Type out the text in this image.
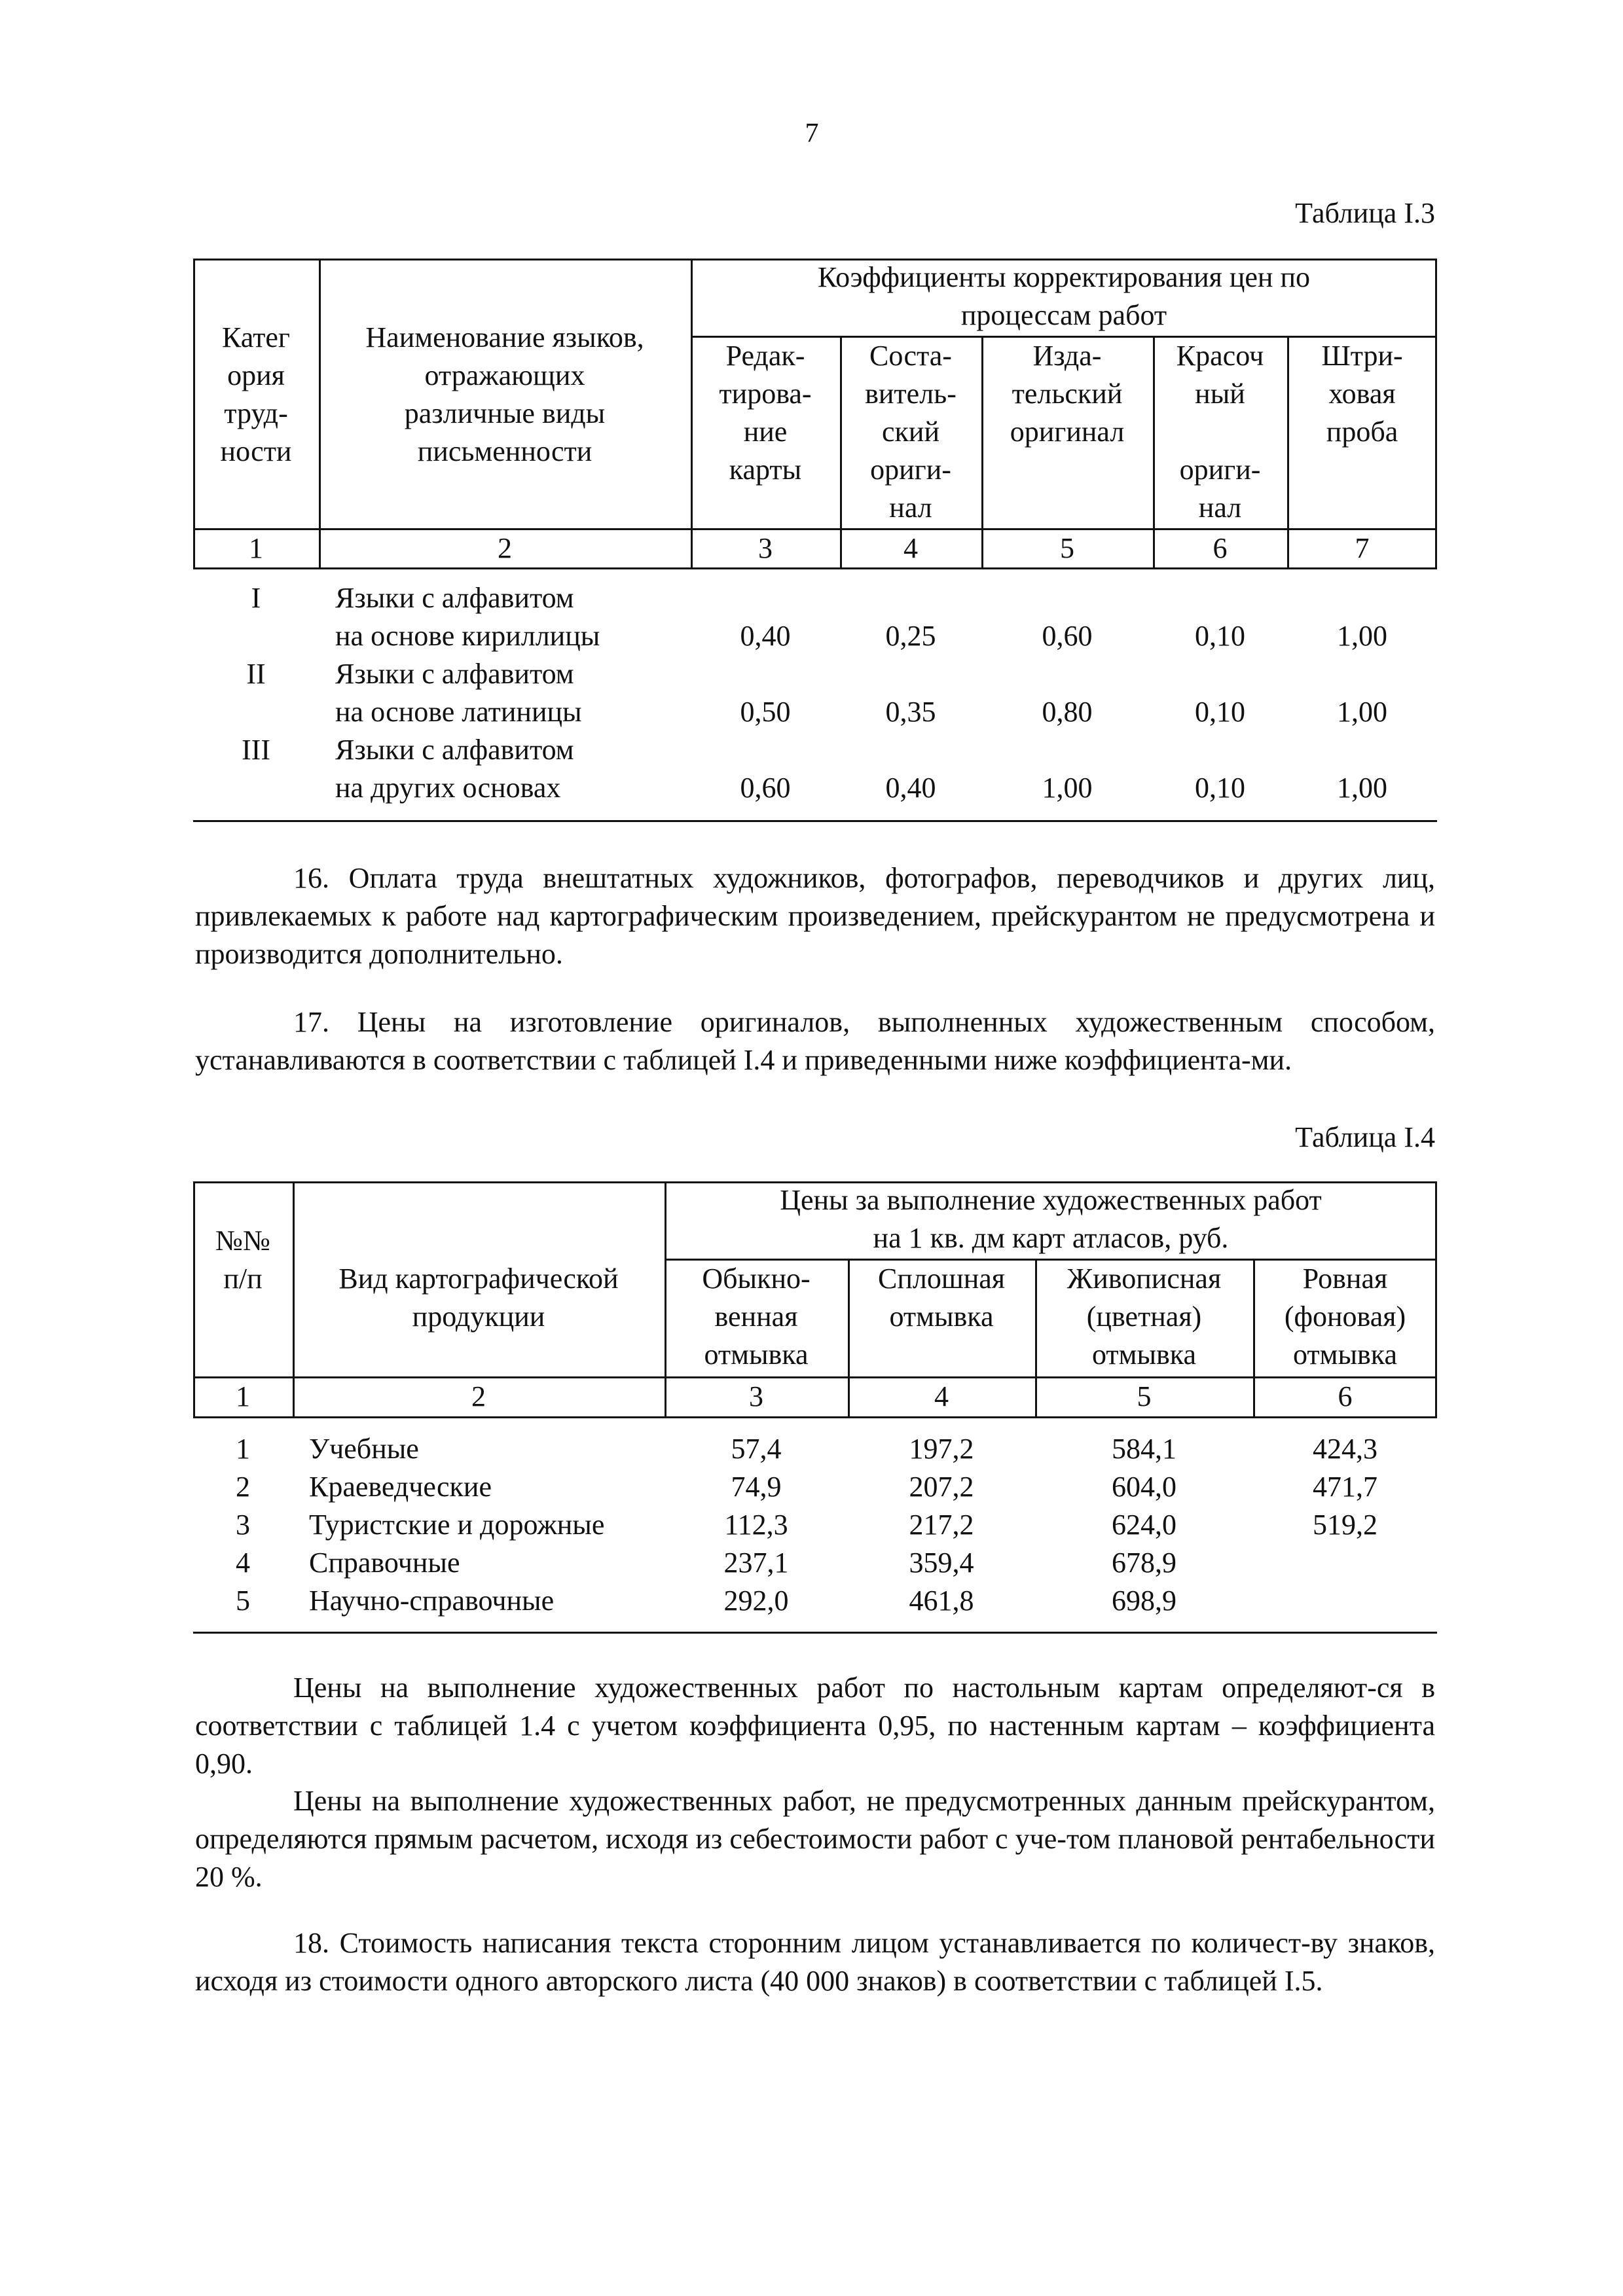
7
Таблица I.3
Катег
ория
труд-
ности
Наименование языков,
отражающих
различные виды
письменности
Коэффициенты корректирования цен по
процессам работ
Редак-
тирова-
ние
карты
Соста-
витель-
ский
ориги-
нал
Изда-
тельский
оригинал
Красоч
ный
ориги-
нал
Штри-
ховая
проба
1	2	3	4	5	6	7
I	Языки с алфавитом
на основе кириллицы	0,40	0,25	0,60	0,10	1,00
II	Языки с алфавитом
на основе латиницы	0,50	0,35	0,80	0,10	1,00
III	Языки с алфавитом
на других основах	0,60	0,40	1,00	0,10	1,00

16. Оплата труда внештатных художников, фотографов, переводчиков и других лиц, привлекаемых к работе над картографическим произведением, прейскурантом не предусмотрена и производится дополнительно.

17. Цены на изготовление оригиналов, выполненных художественным способом, устанавливаются в соответствии с таблицей I.4 и приведенными ниже коэффициента-ми.

Таблица I.4
№№
п/п	Вид картографической
продукции
Цены за выполнение художественных работ
на 1 кв. дм карт атласов, руб.
Обыкно-
венная
отмывка
Сплошная
отмывка
Живописная
(цветная)
отмывка
Ровная
(фоновая)
отмывка
1	2	3	4	5	6
1	Учебные	57,4	197,2	584,1	424,3
2	Краеведческие	74,9	207,2	604,0	471,7
3	Туристские и дорожные	112,3	217,2	624,0	519,2
4	Справочные	237,1	359,4	678,9
5	Научно-справочные	292,0	461,8	698,9

Цены на выполнение художественных работ по настольным картам определяют-ся в соответствии с таблицей 1.4 с учетом коэффициента 0,95, по настенным картам – коэффициента 0,90.

Цены на выполнение художественных работ, не предусмотренных данным прейскурантом, определяются прямым расчетом, исходя из себестоимости работ с уче-том плановой рентабельности 20 %.

18. Стоимость написания текста сторонним лицом устанавливается по количест-ву знаков, исходя из стоимости одного авторского листа (40 000 знаков) в соответствии с таблицей I.5.
